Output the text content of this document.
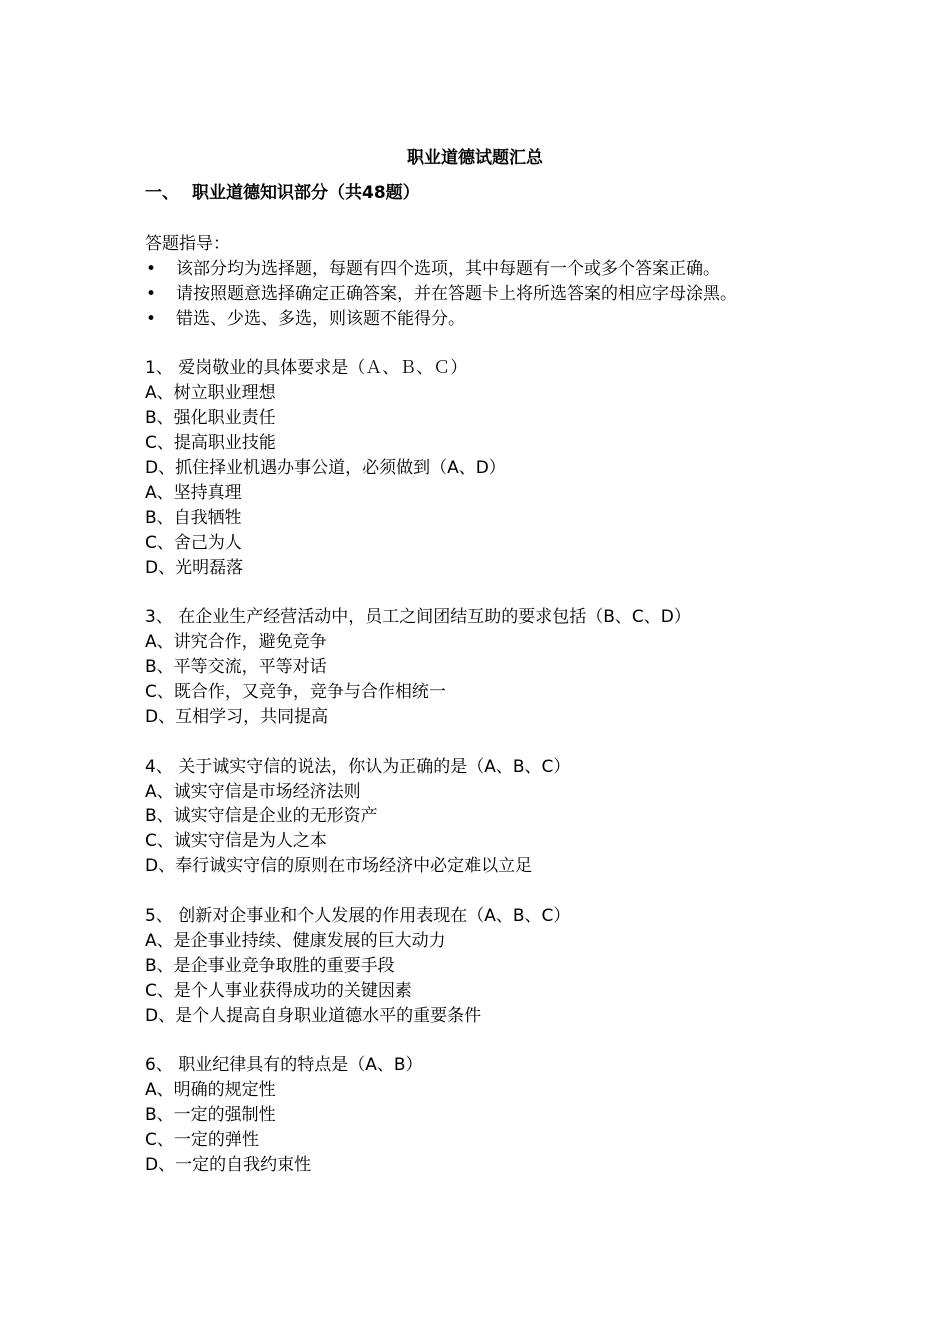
职业道德试题汇总
一、 职业道德知识部分（共48题）
答题指导：
• 该部分均为选择题，每题有四个选项，其中每题有一个或多个答案正确。
• 请按照题意选择确定正确答案，并在答题卡上将所选答案的相应字母涂黑。
• 错选、少选、多选，则该题不能得分。
1、 爱岗敬业的具体要求是（Ａ、Ｂ、Ｃ）
A、树立职业理想
B、强化职业责任
C、提高职业技能
D、抓住择业机遇办事公道，必须做到（A、D）
A、坚持真理
B、自我牺牲
C、舍己为人
D、光明磊落
3、 在企业生产经营活动中，员工之间团结互助的要求包括（B、C、D）
A、讲究合作，避免竞争
B、平等交流，平等对话
C、既合作，又竞争，竞争与合作相统一
D、互相学习，共同提高
4、 关于诚实守信的说法，你认为正确的是（A、B、C）
A、诚实守信是市场经济法则
B、诚实守信是企业的无形资产
C、诚实守信是为人之本
D、奉行诚实守信的原则在市场经济中必定难以立足
5、 创新对企事业和个人发展的作用表现在（A、B、C）
A、是企事业持续、健康发展的巨大动力
B、是企事业竞争取胜的重要手段
C、是个人事业获得成功的关键因素
D、是个人提高自身职业道德水平的重要条件
6、 职业纪律具有的特点是（A、B）
A、明确的规定性
B、一定的强制性
C、一定的弹性
D、一定的自我约束性
